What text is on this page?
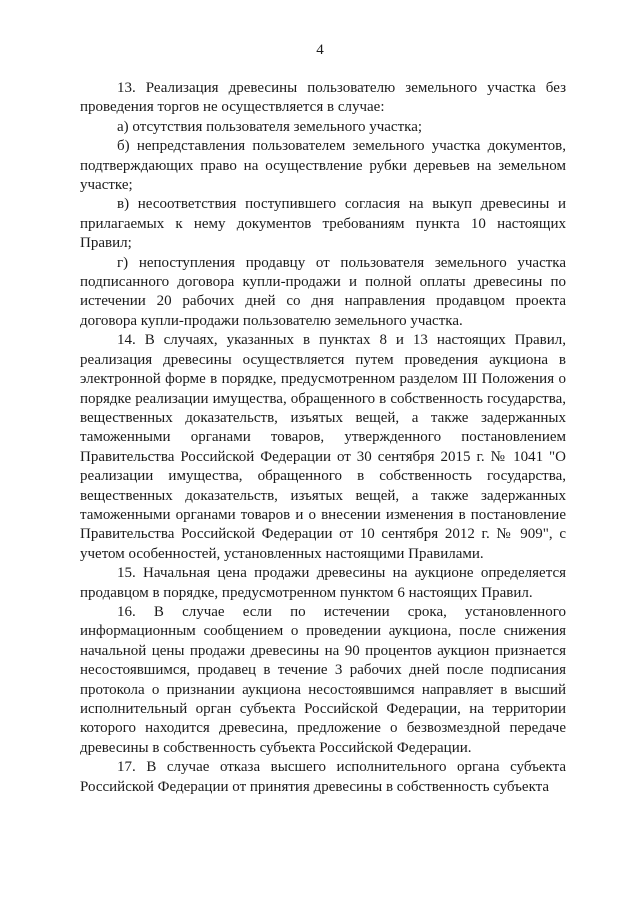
4

13. Реализация древесины пользователю земельного участка без проведения торгов не осуществляется в случае:

а) отсутствия пользователя земельного участка;

б) непредставления пользователем земельного участка документов, подтверждающих право на осуществление рубки деревьев на земельном участке;

в) несоответствия поступившего согласия на выкуп древесины и прилагаемых к нему документов требованиям пункта 10 настоящих Правил;

г) непоступления продавцу от пользователя земельного участка подписанного договора купли-продажи и полной оплаты древесины по истечении 20 рабочих дней со дня направления продавцом проекта договора купли-продажи пользователю земельного участка.

14. В случаях, указанных в пунктах 8 и 13 настоящих Правил, реализация древесины осуществляется путем проведения аукциона в электронной форме в порядке, предусмотренном разделом III Положения о порядке реализации имущества, обращенного в собственность государства, вещественных доказательств, изъятых вещей, а также задержанных таможенными органами товаров, утвержденного постановлением Правительства Российской Федерации от 30 сентября 2015 г. № 1041 "О реализации имущества, обращенного в собственность государства, вещественных доказательств, изъятых вещей, а также задержанных таможенными органами товаров и о внесении изменения в постановление Правительства Российской Федерации от 10 сентября 2012 г. № 909", с учетом особенностей, установленных настоящими Правилами.

15. Начальная цена продажи древесины на аукционе определяется продавцом в порядке, предусмотренном пунктом 6 настоящих Правил.

16. В случае если по истечении срока, установленного информационным сообщением о проведении аукциона, после снижения начальной цены продажи древесины на 90 процентов аукцион признается несостоявшимся, продавец в течение 3 рабочих дней после подписания протокола о признании аукциона несостоявшимся направляет в высший исполнительный орган субъекта Российской Федерации, на территории которого находится древесина, предложение о безвозмездной передаче древесины в собственность субъекта Российской Федерации.

17. В случае отказа высшего исполнительного органа субъекта Российской Федерации от принятия древесины в собственность субъекта
